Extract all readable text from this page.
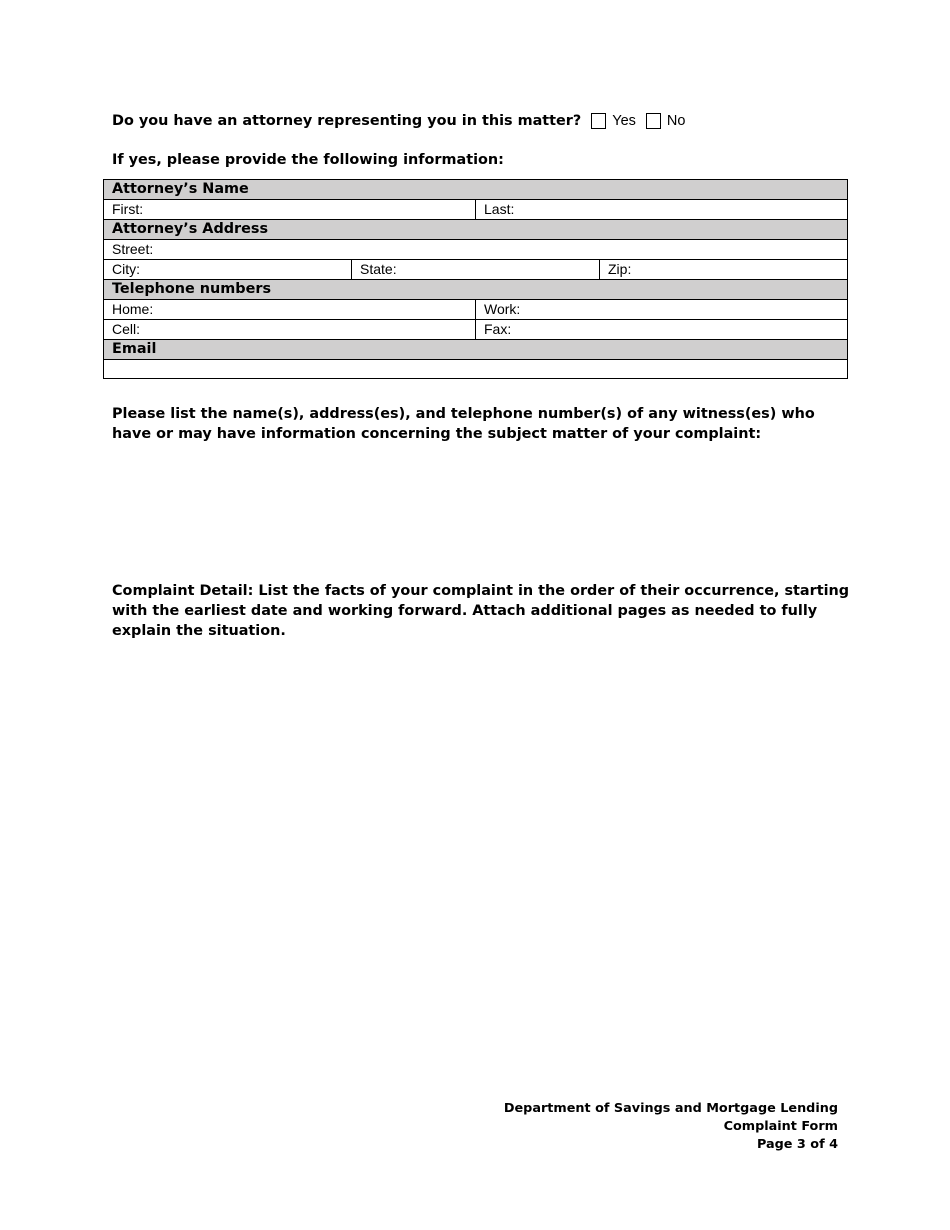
Do you have an attorney representing you in this matter? Yes No
If yes, please provide the following information:
Attorney’s Name			
First:		Last:	
Attorney’s Address			
Street:			
City:	State:		Zip:
Telephone numbers			
Home:		Work:	
Cell:		Fax:	
Email			

Please list the name(s), address(es), and telephone number(s) of any witness(es) who have or may have information concerning the subject matter of your complaint:
Complaint Detail: List the facts of your complaint in the order of their occurrence, starting with the earliest date and working forward. Attach additional pages as needed to fully explain the situation.
Department of Savings and Mortgage Lending
Complaint Form
Page 3 of 4
